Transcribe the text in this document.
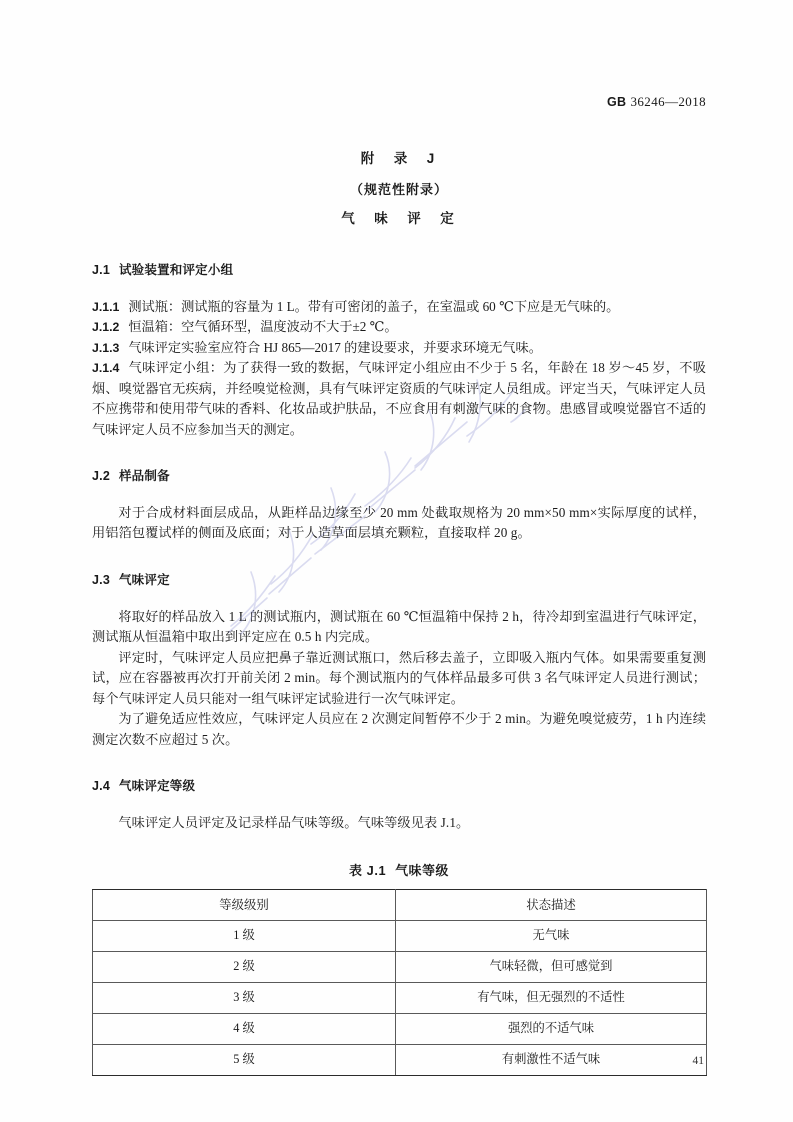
GB 36246—2018
附　录　J
（规范性附录）
气　味　评　定
J.1 试验装置和评定小组

J.1.1 测试瓶：测试瓶的容量为 1 L。带有可密闭的盖子，在室温或 60 ℃下应是无气味的。

J.1.2 恒温箱：空气循环型，温度波动不大于±2 ℃。

J.1.3 气味评定实验室应符合 HJ 865—2017 的建设要求，并要求环境无气味。

J.1.4 气味评定小组：为了获得一致的数据，气味评定小组应由不少于 5 名，年龄在 18 岁～45 岁，不吸烟、嗅觉器官无疾病，并经嗅觉检测，具有气味评定资质的气味评定人员组成。评定当天，气味评定人员不应携带和使用带气味的香料、化妆品或护肤品，不应食用有刺激气味的食物。患感冒或嗅觉器官不适的气味评定人员不应参加当天的测定。

J.2 样品制备

对于合成材料面层成品，从距样品边缘至少 20 mm 处截取规格为 20 mm×50 mm×实际厚度的试样，用铝箔包覆试样的侧面及底面；对于人造草面层填充颗粒，直接取样 20 g。

J.3 气味评定

将取好的样品放入 1 L 的测试瓶内，测试瓶在 60 ℃恒温箱中保持 2 h，待冷却到室温进行气味评定，测试瓶从恒温箱中取出到评定应在 0.5 h 内完成。

评定时，气味评定人员应把鼻子靠近测试瓶口，然后移去盖子，立即吸入瓶内气体。如果需要重复测试，应在容器被再次打开前关闭 2 min。每个测试瓶内的气体样品最多可供 3 名气味评定人员进行测试；每个气味评定人员只能对一组气味评定试验进行一次气味评定。

为了避免适应性效应，气味评定人员应在 2 次测定间暂停不少于 2 min。为避免嗅觉疲劳，1 h 内连续测定次数不应超过 5 次。

J.4 气味评定等级

气味评定人员评定及记录样品气味等级。气味等级见表 J.1。

表 J.1 气味等级
等级级别	状态描述
1 级	无气味
2 级	气味轻微，但可感觉到
3 级	有气味，但无强烈的不适性
4 级	强烈的不适气味
5 级	有刺激性不适气味	41
